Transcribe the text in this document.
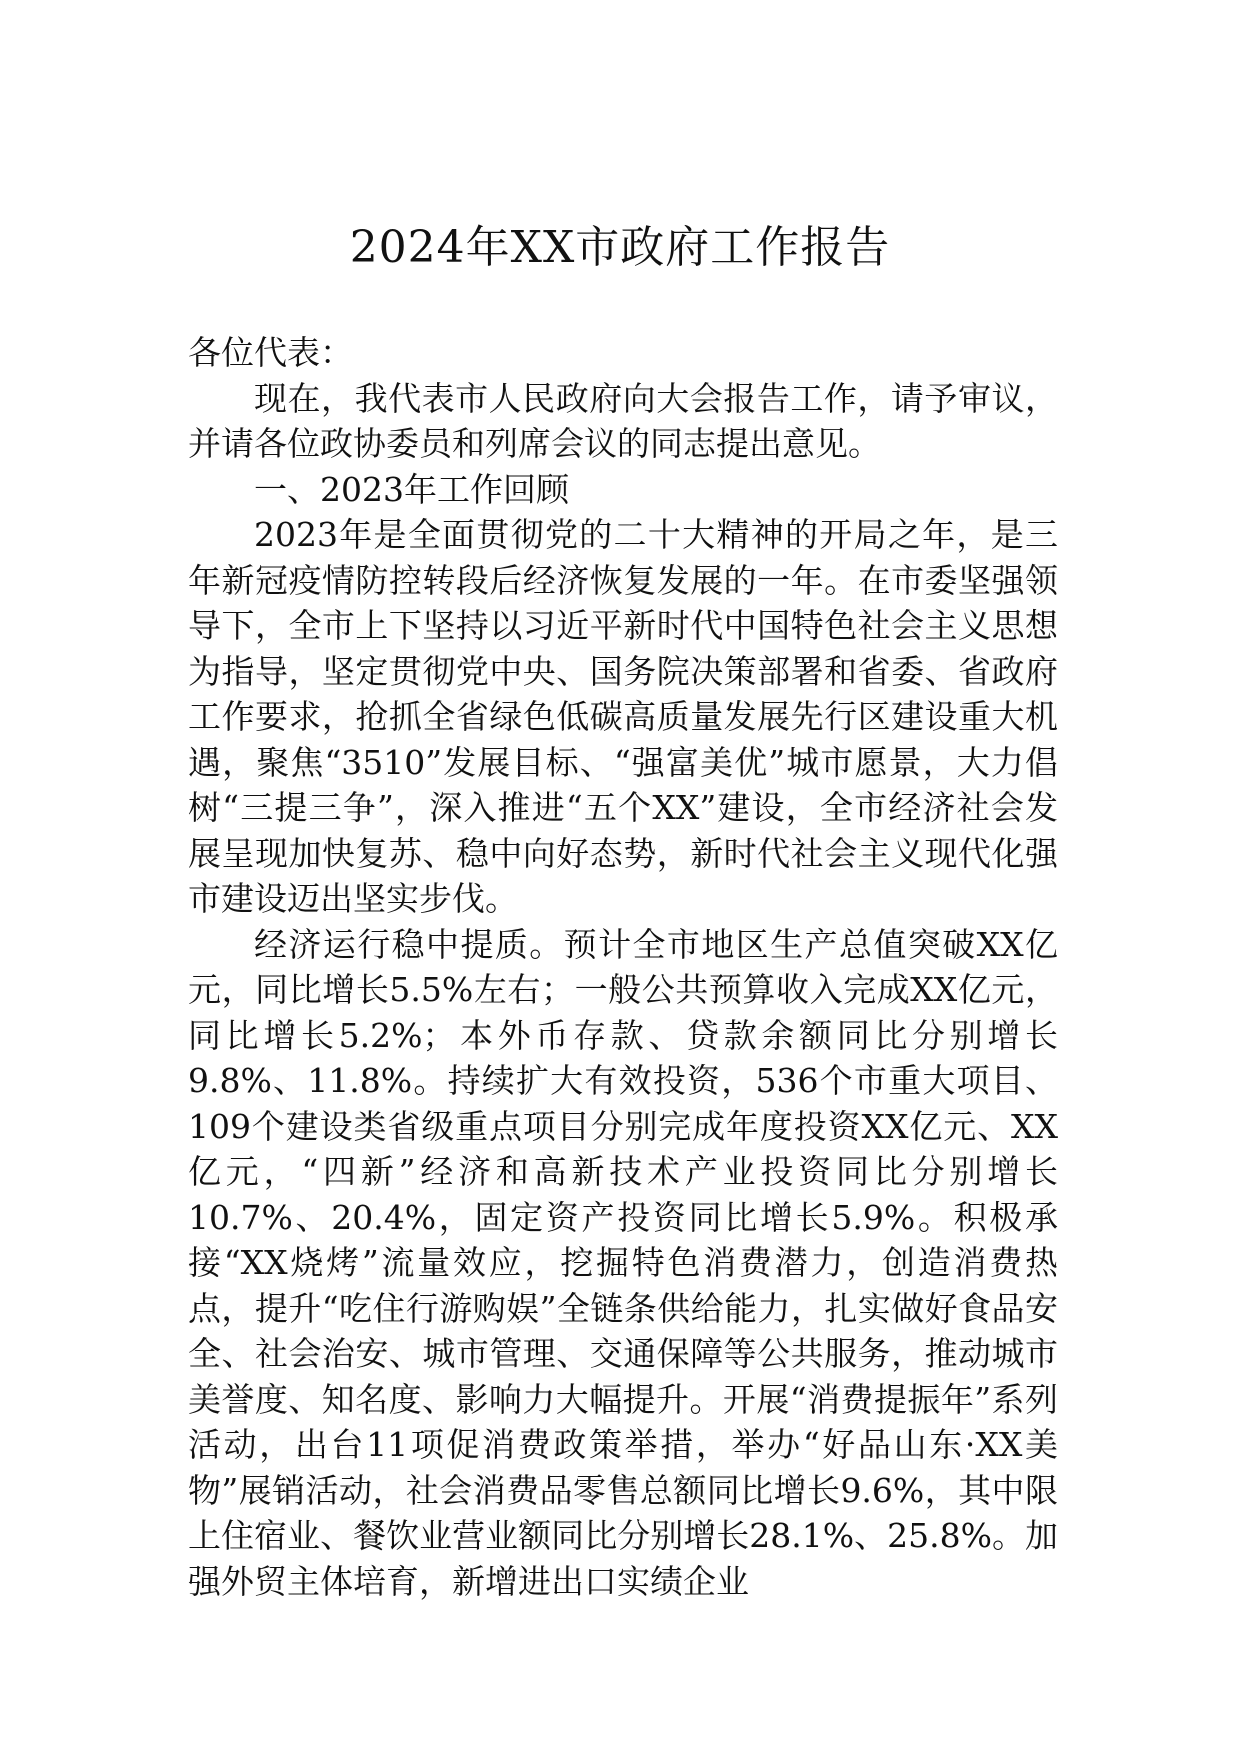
2024年XX市政府工作报告

各位代表：

现在，我代表市人民政府向大会报告工作，请予审议，并请各位政协委员和列席会议的同志提出意见。

一、2023年工作回顾

2023年是全面贯彻党的二十大精神的开局之年，是三年新冠疫情防控转段后经济恢复发展的一年。在市委坚强领导下，全市上下坚持以习近平新时代中国特色社会主义思想为指导，坚定贯彻党中央、国务院决策部署和省委、省政府工作要求，抢抓全省绿色低碳高质量发展先行区建设重大机遇，聚焦“3510”发展目标、“强富美优”城市愿景，大力倡树“三提三争”，深入推进“五个XX”建设，全市经济社会发展呈现加快复苏、稳中向好态势，新时代社会主义现代化强市建设迈出坚实步伐。

经济运行稳中提质。预计全市地区生产总值突破XX亿元，同比增长5.5%左右；一般公共预算收入完成XX亿元，同比增长5.2%；本外币存款、贷款余额同比分别增长9.8%、11.8%。持续扩大有效投资，536个市重大项目、109个建设类省级重点项目分别完成年度投资XX亿元、XX亿元，“四新”经济和高新技术产业投资同比分别增长10.7%、20.4%，固定资产投资同比增长5.9%。积极承接“XX烧烤”流量效应，挖掘特色消费潜力，创造消费热点，提升“吃住行游购娱”全链条供给能力，扎实做好食品安全、社会治安、城市管理、交通保障等公共服务，推动城市美誉度、知名度、影响力大幅提升。开展“消费提振年”系列活动，出台11项促消费政策举措，举办“好品山东·XX美物”展销活动，社会消费品零售总额同比增长9.6%，其中限上住宿业、餐饮业营业额同比分别增长28.1%、25.8%。加强外贸主体培育，新增进出口实绩企业
